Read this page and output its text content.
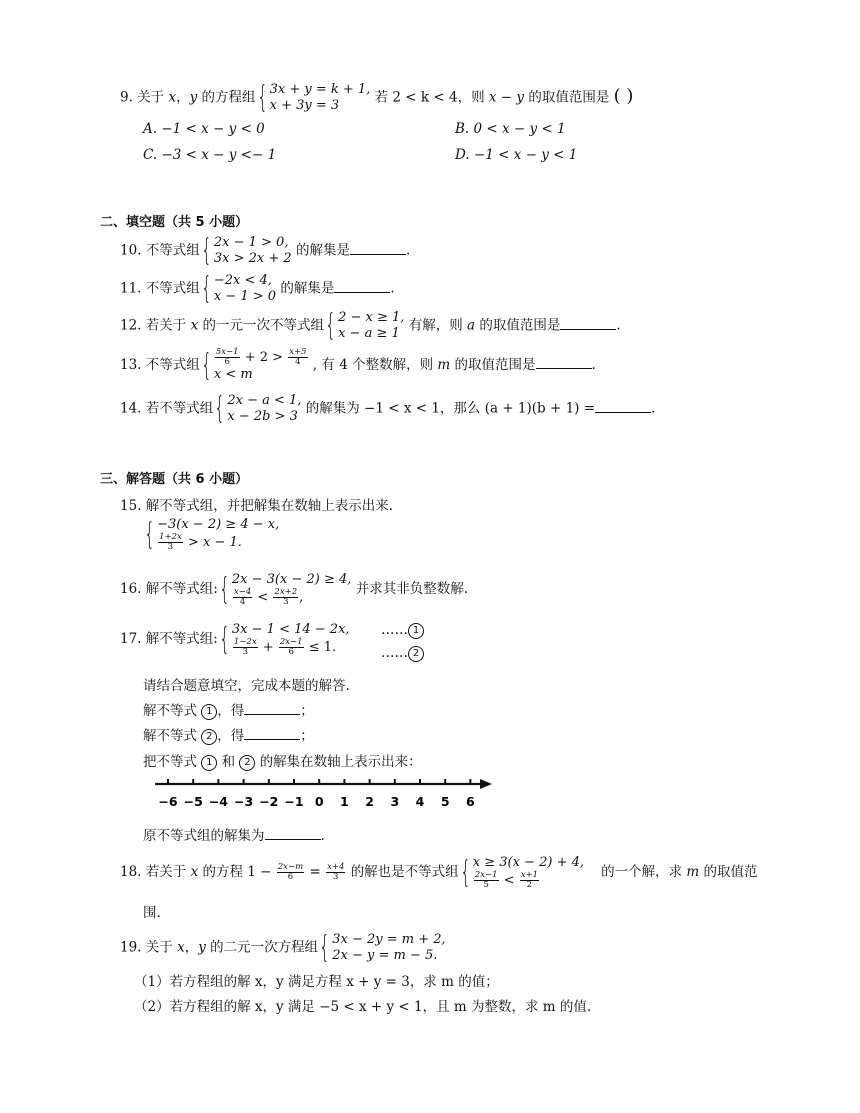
9. 关于 x，y 的方程组 { 3x + y = k + 1,
x + 3y = 3	若 2 < k < 4，则 x − y 的取值范围是 ( )
A. −1 < x − y < 0	B. 0 < x − y < 1
C. −3 < x − y <− 1	D. −1 < x − y < 1
二、填空题（共 5 小题）
10. 不等式组 { 2x − 1 > 0,
3x > 2x + 2 的解集是	.
11. 不等式组 { −2x < 4,
x − 1 > 0 的解集是	.
12. 若关于 x 的一元一次不等式组 { 2 − x ≥ 1,
x − a ≥ 1 有解，则 a 的取值范围是	.
13. 不等式组 { $\frac{5x-1}{6} + 2 > \frac{x+5}{4}$
x < m
, 有 4 个整数解，则 m 的取值范围是	.
14. 若不等式组 { 2x − a < 1,
x − 2b > 3 的解集为 −1 < x < 1，那么 (a + 1)(b + 1) =	.
三、解答题（共 6 小题）
15. 解不等式组，并把解集在数轴上表示出来.
{ −3(x − 2) ≥ 4 − x,
$\frac{1+2x}{3} > x - 1$.
16. 解不等式组: { 2x − 3(x − 2) ≥ 4,
$\frac{x-4}{4} < \frac{2x+2}{3}$ ,
并求其非负整数解.
17. 解不等式组: { 3x − 1 < 14 − 2x,
$\frac{1-2x}{3} + \frac{2x-1}{6} \le 1$.
…… 1
…… 2
请结合题意填空，完成本题的解答.
解不等式 1 ，得	；
解不等式 2 ，得	；
把不等式 1 和 2 的解集在数轴上表示出来：
−6 −5 −4 −3 −2 −1 0 1 2 3 4 5 6
原不等式组的解集为	.
18. 若关于 x 的方程 $1 - \frac{2x-m}{6} = \frac{x+4}{3}$ 的解也是不等式组 { x ≥ 3(x − 2) + 4,
$\frac{2x-1}{5} < \frac{x+1}{2}$	的一个解，求 m 的取值范
围.
19. 关于 x，y 的二元一次方程组 { 3x − 2y = m + 2,
2x − y = m − 5.
（1）若方程组的解 x，y 满足方程 x + y = 3，求 m 的值；
（2）若方程组的解 x，y 满足 −5 < x + y < 1，且 m 为整数，求 m 的值.
